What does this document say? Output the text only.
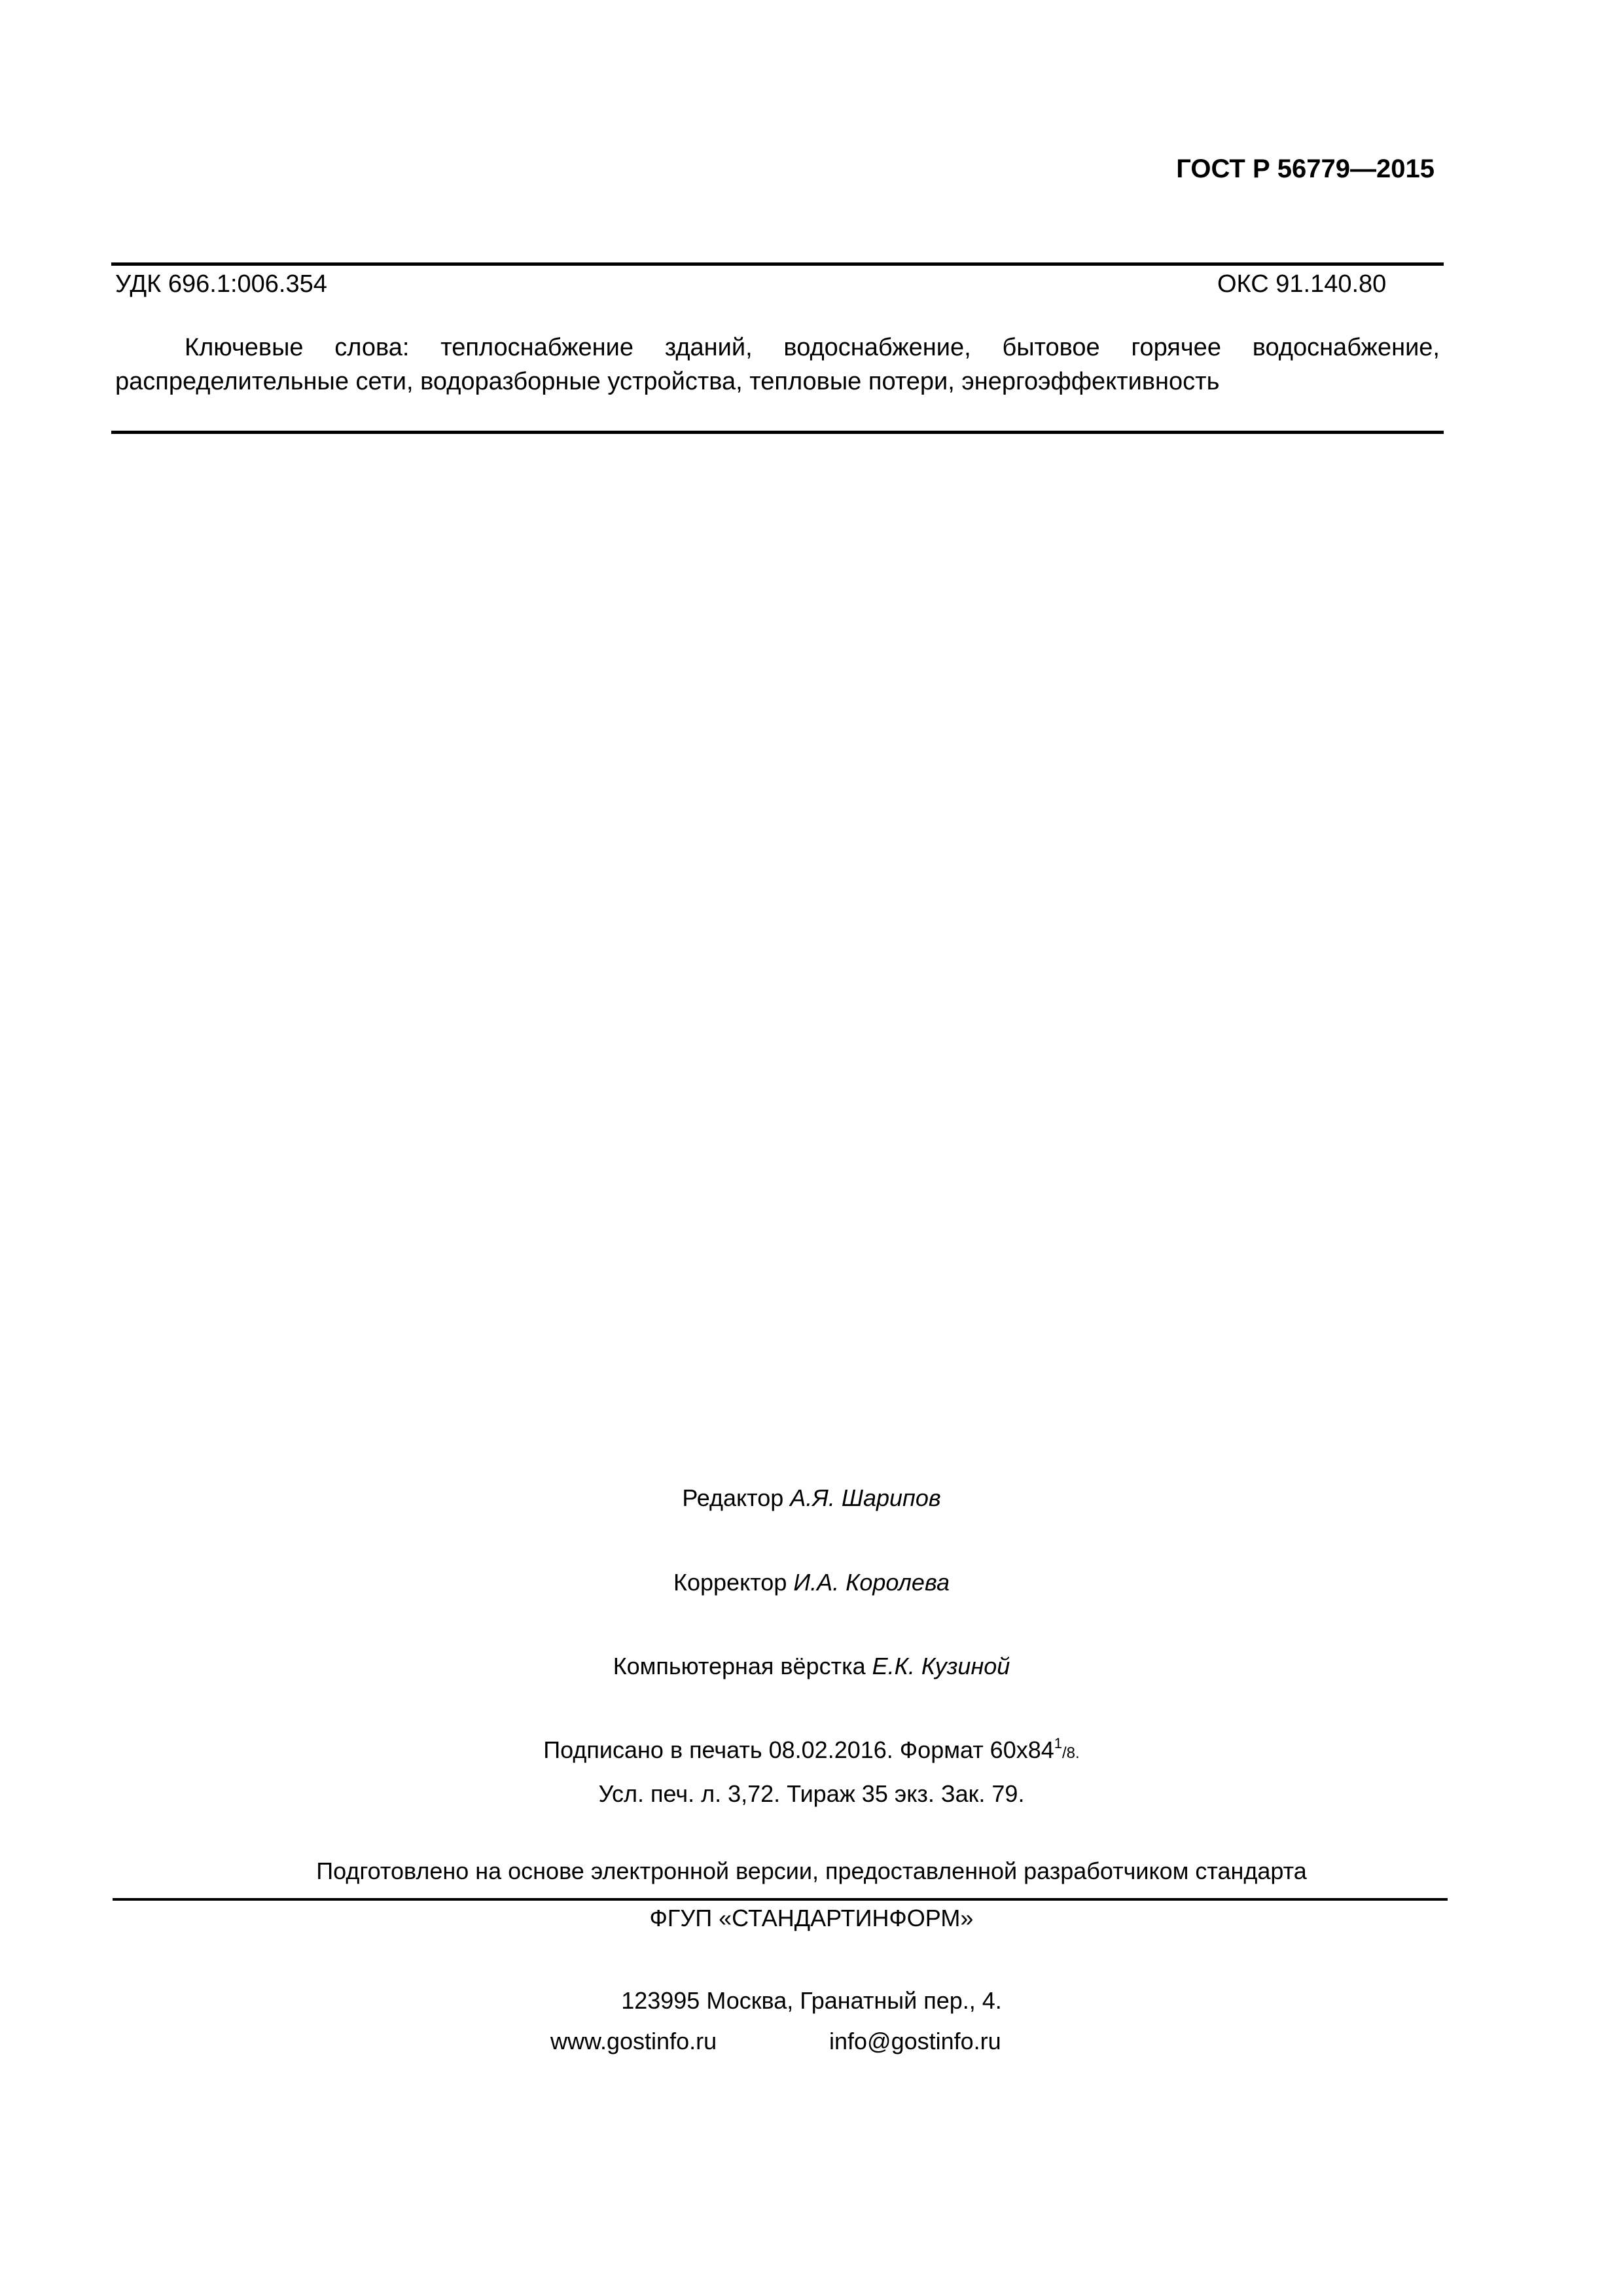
ГОСТ Р 56779—2015
УДК 696.1:006.354	ОКС 91.140.80

Ключевые слова: теплоснабжение зданий, водоснабжение, бытовое горячее водоснабжение, распределительные сети, водоразборные устройства, тепловые потери, энергоэффективность

Редактор А.Я. Шарипов
Корректор И.А. Королева
Компьютерная вёрстка Е.К. Кузиной
Подписано в печать 08.02.2016. Формат $60х84^1/8$.
Усл. печ. л. 3,72. Тираж 35 экз. Зак. 79.
Подготовлено на основе электронной версии, предоставленной разработчиком стандарта
ФГУП «СТАНДАРТИНФОРМ»
123995 Москва, Гранатный пер., 4.
www.gostinfo.ru	info@gostinfo.ru
